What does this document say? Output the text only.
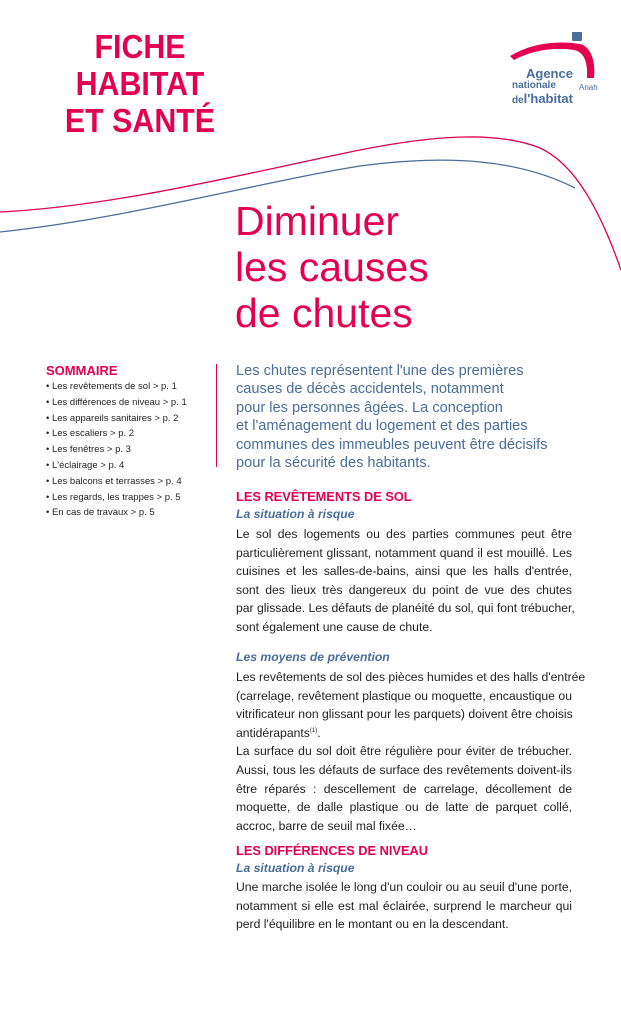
FICHE
HABITAT
ET SANTÉ
Agence
nationale
del'habitat
Anah
Diminuer
les causes
de chutes
SOMMAIRE
• Les revêtements de sol > p. 1
• Les différences de niveau > p. 1
• Les appareils sanitaires > p. 2
• Les escaliers > p. 2
• Les fenêtres > p. 3
• L'éclairage > p. 4
• Les balcons et terrasses > p. 4
• Les regards, les trappes > p. 5
• En cas de travaux > p. 5
Les chutes représentent l'une des premières
causes de décès accidentels, notamment
pour les personnes âgées. La conception
et l'aménagement du logement et des parties
communes des immeubles peuvent être décisifs
pour la sécurité des habitants.
LES REVÊTEMENTS DE SOL
La situation à risque
Le sol des logements ou des parties communes peut être
particulièrement glissant, notamment quand il est mouillé. Les
cuisines et les salles-de-bains, ainsi que les halls d'entrée,
sont des lieux très dangereux du point de vue des chutes
par glissade. Les défauts de planéité du sol, qui font trébucher,
sont également une cause de chute.
Les moyens de prévention
Les revêtements de sol des pièces humides et des halls d'entrée
(carrelage, revêtement plastique ou moquette, encaustique ou
vitrificateur non glissant pour les parquets) doivent être choisis
antidérapants$^{(1)}$.
La surface du sol doit être régulière pour éviter de trébucher.
Aussi, tous les défauts de surface des revêtements doivent-ils
être réparés : descellement de carrelage, décollement de
moquette, de dalle plastique ou de latte de parquet collé,
accroc, barre de seuil mal fixée…
LES DIFFÉRENCES DE NIVEAU
La situation à risque
Une marche isolée le long d'un couloir ou au seuil d'une porte,
notamment si elle est mal éclairée, surprend le marcheur qui
perd l'équilibre en le montant ou en la descendant.
